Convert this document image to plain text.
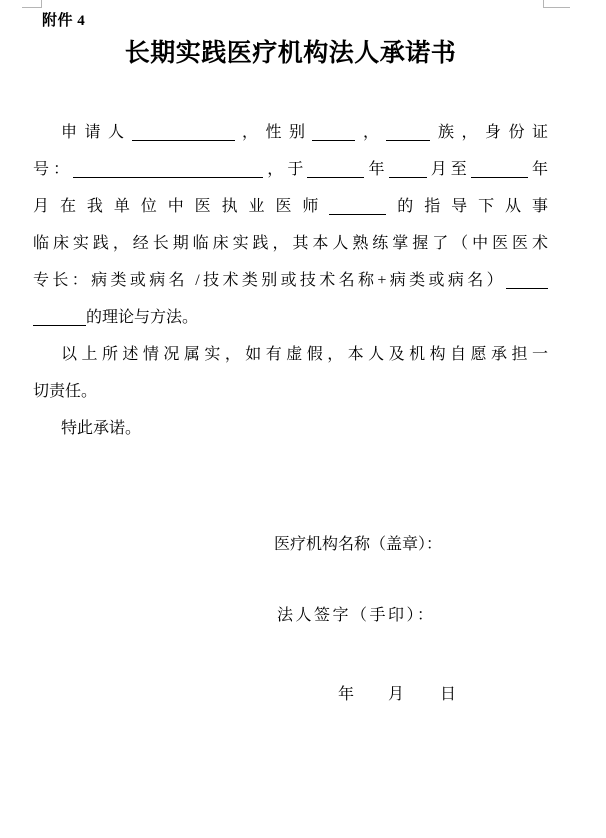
附件 4
长期实践医疗机构法人承诺书
申请人	，性别	，	族，身份证
号：	，于	年 月至	年
月在我单位中医执业医师	的指导下从事
临床实践，经长期临床实践，其本人熟练掌握了（中医医术
专长：病类或病名 /技术类别或技术名称+病类或病名）
的理论与方法。
以上所述情况属实，如有虚假，本人及机构自愿承担一
切责任。
特此承诺。
医疗机构名称（盖章）：
法人签字（手印）：
年 月 日
